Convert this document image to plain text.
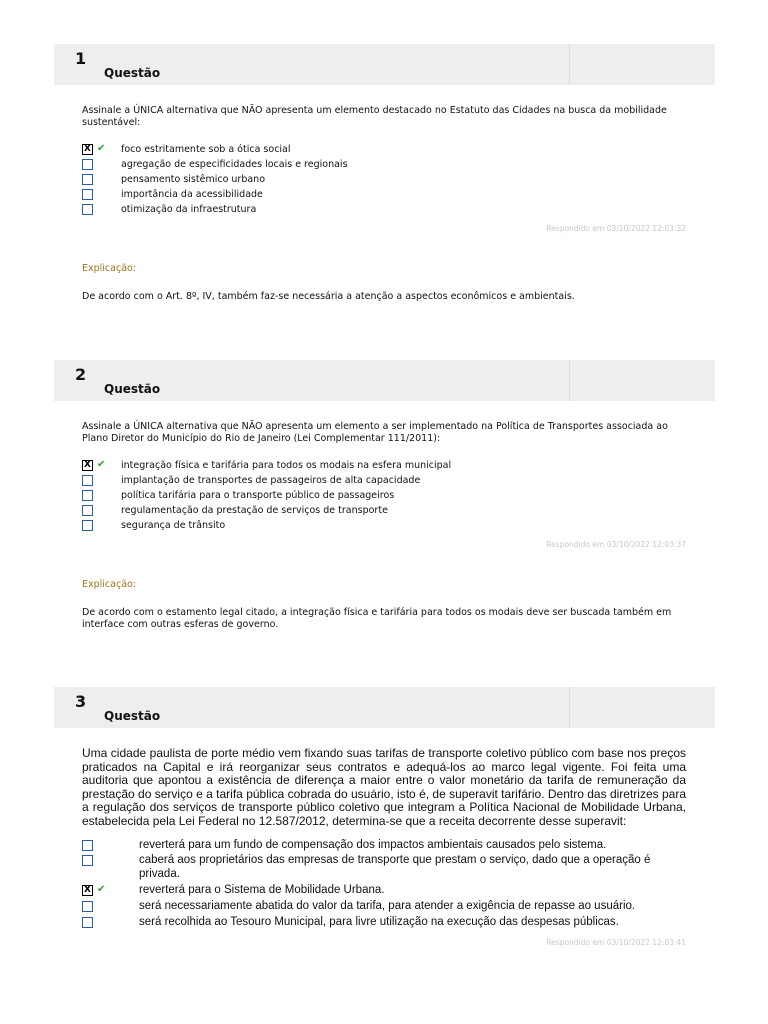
1
Questão
Assinale a ÚNICA alternativa que NÃO apresenta um elemento destacado no Estatuto das Cidades na busca da mobilidade sustentável:
X ✔ foco estritamente sob a ótica social
agregação de especificidades locais e regionais
pensamento sistêmico urbano
importância da acessibilidade
otimização da infraestrutura
Respondido em 03/10/2022 12:03:32
Explicação:
De acordo com o Art. 8º, IV, também faz-se necessária a atenção a aspectos econômicos e ambientais.
2
Questão
Assinale a ÚNICA alternativa que NÃO apresenta um elemento a ser implementado na Política de Transportes associada ao Plano Diretor do Município do Rio de Janeiro (Lei Complementar 111/2011):
X ✔ integração física e tarifária para todos os modais na esfera municipal
implantação de transportes de passageiros de alta capacidade
política tarifária para o transporte público de passageiros
regulamentação da prestação de serviços de transporte
segurança de trânsito
Respondido em 03/10/2022 12:03:37
Explicação:
De acordo com o estamento legal citado, a integração física e tarifária para todos os modais deve ser buscada também em interface com outras esferas de governo.
3
Questão
Uma cidade paulista de porte médio vem fixando suas tarifas de transporte coletivo público com base nos preços praticados na Capital e irá reorganizar seus contratos e adequá-los ao marco legal vigente. Foi feita uma auditoria que apontou a existência de diferença a maior entre o valor monetário da tarifa de remuneração da prestação do serviço e a tarifa pública cobrada do usuário, isto é, de superavit tarifário. Dentro das diretrizes para a regulação dos serviços de transporte público coletivo que integram a Política Nacional de Mobilidade Urbana, estabelecida pela Lei Federal no 12.587/2012, determina-se que a receita decorrente desse superavit:
reverterá para um fundo de compensação dos impactos ambientais causados pelo sistema.
caberá aos proprietários das empresas de transporte que prestam o serviço, dado que a operação é privada.
X ✔	reverterá para o Sistema de Mobilidade Urbana.
será necessariamente abatida do valor da tarifa, para atender a exigência de repasse ao usuário.
será recolhida ao Tesouro Municipal, para livre utilização na execução das despesas públicas.
Respondido em 03/10/2022 12:03:41
